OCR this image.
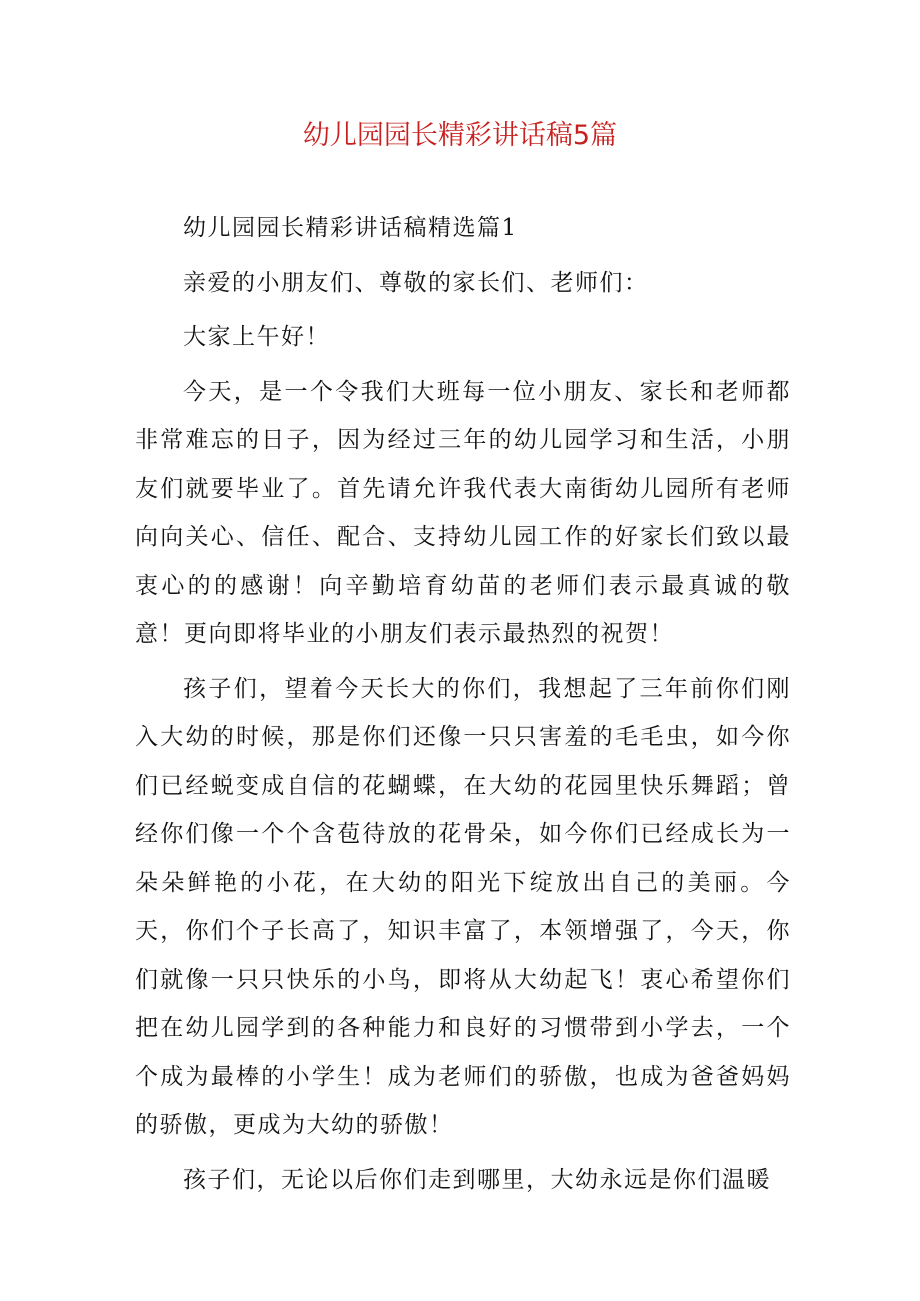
幼儿园园长精彩讲话稿5篇

幼儿园园长精彩讲话稿精选篇1

亲爱的小朋友们、尊敬的家长们、老师们：

大家上午好！

今天，是一个令我们大班每一位小朋友、家长和老师都非常难忘的日子，因为经过三年的幼儿园学习和生活，小朋友们就要毕业了。首先请允许我代表大南街幼儿园所有老师向向关心、信任、配合、支持幼儿园工作的好家长们致以最衷心的的感谢！向辛勤培育幼苗的老师们表示最真诚的敬意！更向即将毕业的小朋友们表示最热烈的祝贺！

孩子们，望着今天长大的你们，我想起了三年前你们刚入大幼的时候，那是你们还像一只只害羞的毛毛虫，如今你们已经蜕变成自信的花蝴蝶，在大幼的花园里快乐舞蹈；曾经你们像一个个含苞待放的花骨朵，如今你们已经成长为一朵朵鲜艳的小花，在大幼的阳光下绽放出自己的美丽。今天，你们个子长高了，知识丰富了，本领增强了，今天，你们就像一只只快乐的小鸟，即将从大幼起飞！衷心希望你们把在幼儿园学到的各种能力和良好的习惯带到小学去，一个个成为最棒的小学生！成为老师们的骄傲，也成为爸爸妈妈的骄傲，更成为大幼的骄傲！

孩子们，无论以后你们走到哪里，大幼永远是你们温暖
